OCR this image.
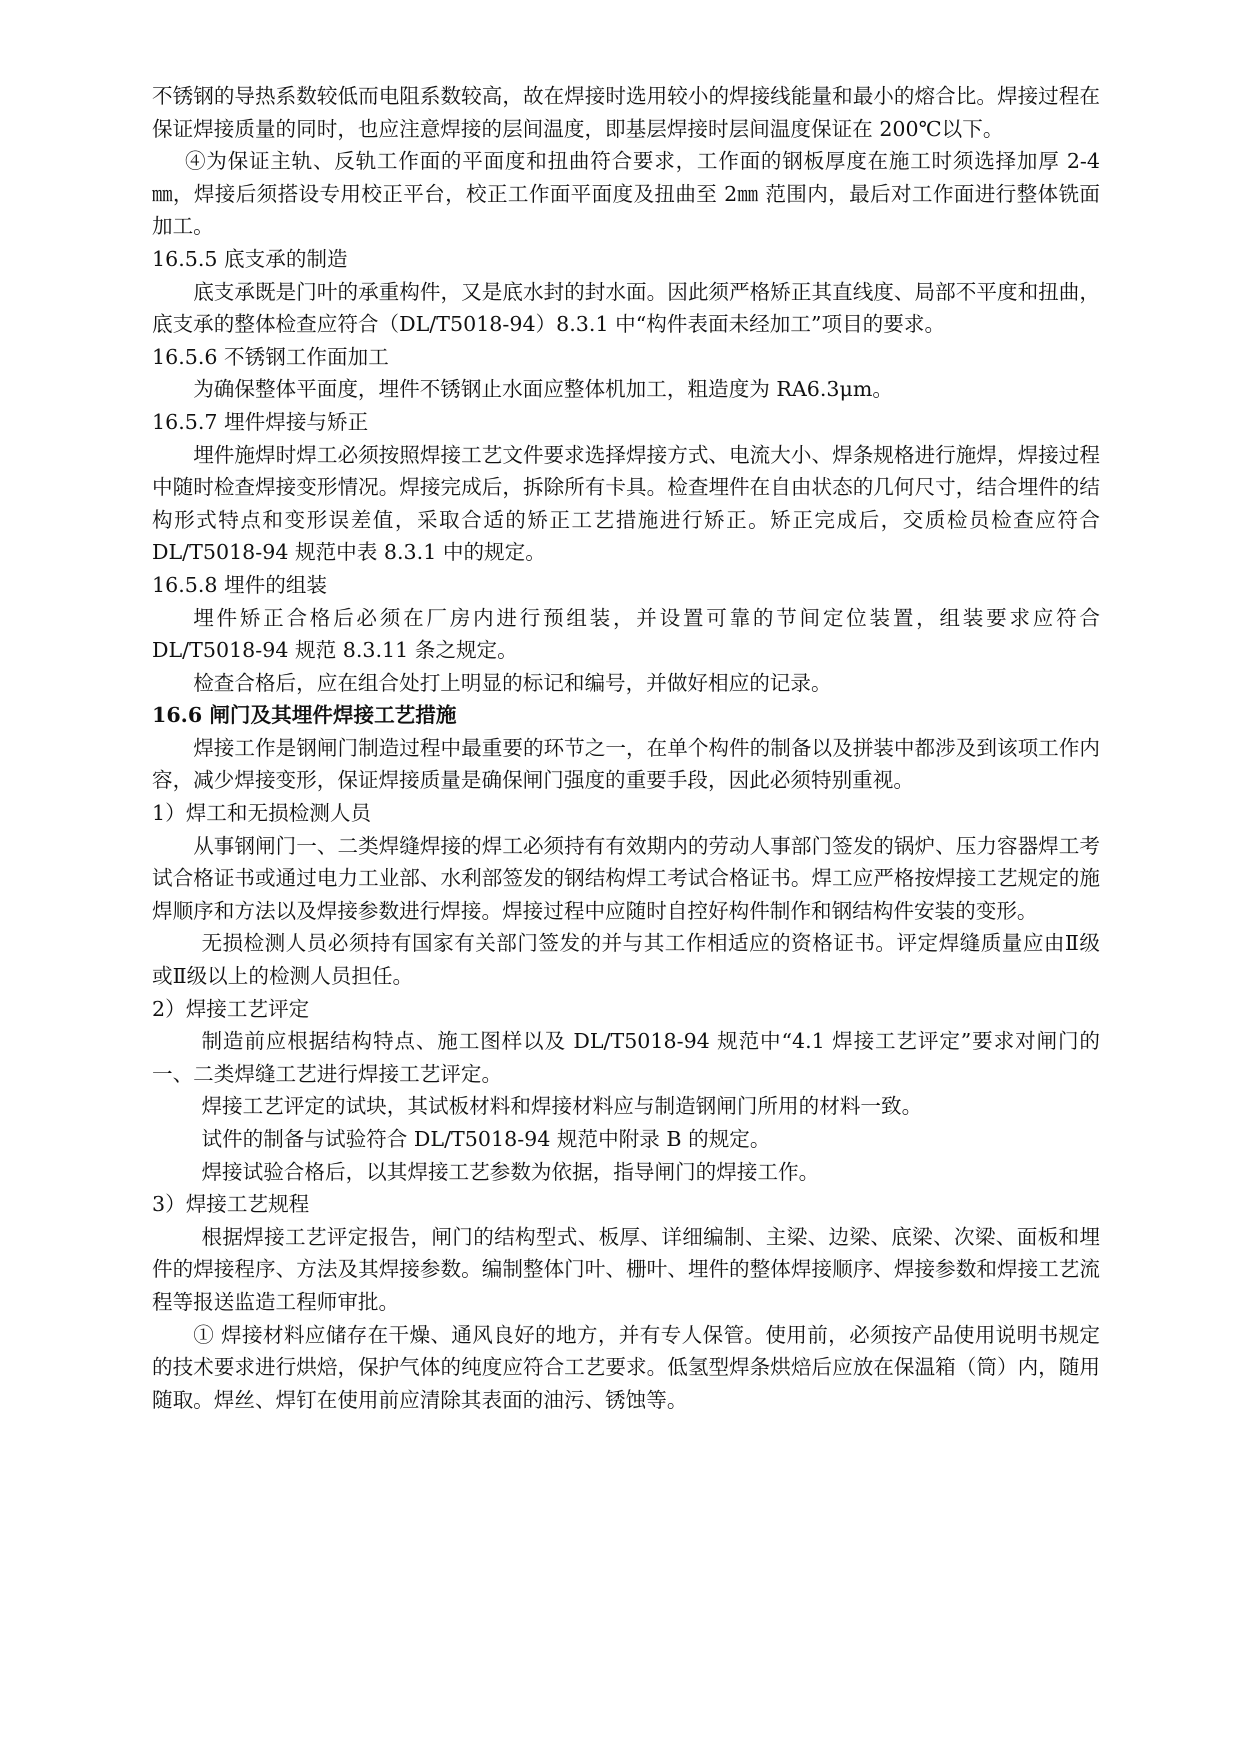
不锈钢的导热系数较低而电阻系数较高，故在焊接时选用较小的焊接线能量和最小的熔合比。焊接过程在保证焊接质量的同时，也应注意焊接的层间温度，即基层焊接时层间温度保证在 200℃以下。

④为保证主轨、反轨工作面的平面度和扭曲符合要求，工作面的钢板厚度在施工时须选择加厚 2-4㎜，焊接后须搭设专用校正平台，校正工作面平面度及扭曲至 2㎜ 范围内，最后对工作面进行整体铣面加工。

16.5.5 底支承的制造

底支承既是门叶的承重构件，又是底水封的封水面。因此须严格矫正其直线度、局部不平度和扭曲，底支承的整体检查应符合（DL/T5018-94）8.3.1 中“构件表面未经加工”项目的要求。

16.5.6 不锈钢工作面加工

为确保整体平面度，埋件不锈钢止水面应整体机加工，粗造度为 RA6.3μm。

16.5.7 埋件焊接与矫正

埋件施焊时焊工必须按照焊接工艺文件要求选择焊接方式、电流大小、焊条规格进行施焊，焊接过程中随时检查焊接变形情况。焊接完成后，拆除所有卡具。检查埋件在自由状态的几何尺寸，结合埋件的结构形式特点和变形误差值，采取合适的矫正工艺措施进行矫正。矫正完成后，交质检员检查应符合 DL/T5018-94 规范中表 8.3.1 中的规定。

16.5.8 埋件的组装

埋件矫正合格后必须在厂房内进行预组装，并设置可靠的节间定位装置，组装要求应符合 DL/T5018-94 规范 8.3.11 条之规定。

检查合格后，应在组合处打上明显的标记和编号，并做好相应的记录。

16.6 闸门及其埋件焊接工艺措施

焊接工作是钢闸门制造过程中最重要的环节之一，在单个构件的制备以及拼装中都涉及到该项工作内容，减少焊接变形，保证焊接质量是确保闸门强度的重要手段，因此必须特别重视。

1）焊工和无损检测人员

从事钢闸门一、二类焊缝焊接的焊工必须持有有效期内的劳动人事部门签发的锅炉、压力容器焊工考试合格证书或通过电力工业部、水利部签发的钢结构焊工考试合格证书。焊工应严格按焊接工艺规定的施焊顺序和方法以及焊接参数进行焊接。焊接过程中应随时自控好构件制作和钢结构件安装的变形。

无损检测人员必须持有国家有关部门签发的并与其工作相适应的资格证书。评定焊缝质量应由Ⅱ级或Ⅱ级以上的检测人员担任。

2）焊接工艺评定

制造前应根据结构特点、施工图样以及 DL/T5018-94 规范中“4.1 焊接工艺评定”要求对闸门的一、二类焊缝工艺进行焊接工艺评定。

焊接工艺评定的试块，其试板材料和焊接材料应与制造钢闸门所用的材料一致。

试件的制备与试验符合 DL/T5018-94 规范中附录 B 的规定。

焊接试验合格后，以其焊接工艺参数为依据，指导闸门的焊接工作。

3）焊接工艺规程

根据焊接工艺评定报告，闸门的结构型式、板厚、详细编制、主梁、边梁、底梁、次梁、面板和埋件的焊接程序、方法及其焊接参数。编制整体门叶、栅叶、埋件的整体焊接顺序、焊接参数和焊接工艺流程等报送监造工程师审批。

① 焊接材料应储存在干燥、通风良好的地方，并有专人保管。使用前，必须按产品使用说明书规定的技术要求进行烘焙，保护气体的纯度应符合工艺要求。低氢型焊条烘焙后应放在保温箱（筒）内，随用随取。焊丝、焊钉在使用前应清除其表面的油污、锈蚀等。
